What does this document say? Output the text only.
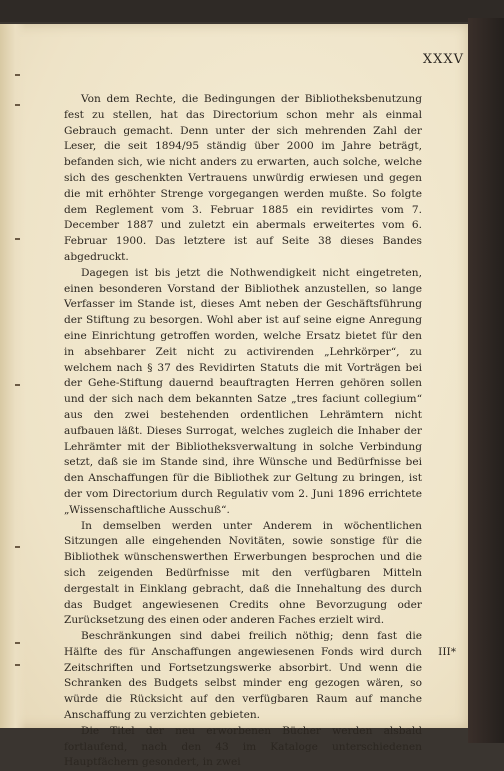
XXXV

Von dem Rechte, die Bedingungen der Bibliotheksbenutzung fest zu stellen, hat das Directorium schon mehr als einmal Gebrauch gemacht. Denn unter der sich mehrenden Zahl der Leser, die seit 1894/95 ständig über 2000 im Jahre beträgt, befanden sich, wie nicht anders zu erwarten, auch solche, welche sich des geschenkten Vertrauens unwürdig erwiesen und gegen die mit erhöhter Strenge vorgegangen werden mußte. So folgte dem Reglement vom 3. Februar 1885 ein revidirtes vom 7. December 1887 und zuletzt ein abermals erweitertes vom 6. Februar 1900. Das letztere ist auf Seite 38 dieses Bandes abgedruckt.

Dagegen ist bis jetzt die Nothwendigkeit nicht eingetreten, einen besonderen Vorstand der Bibliothek anzustellen, so lange Verfasser im Stande ist, dieses Amt neben der Geschäftsführung der Stiftung zu besorgen. Wohl aber ist auf seine eigne Anregung eine Einrichtung getroffen worden, welche Ersatz bietet für den in absehbarer Zeit nicht zu activirenden „Lehrkörper“, zu welchem nach § 37 des Revidirten Statuts die mit Vorträgen bei der Gehe-Stiftung dauernd beauftragten Herren gehören sollen und der sich nach dem bekannten Satze „tres faciunt collegium“ aus den zwei bestehenden ordentlichen Lehrämtern nicht aufbauen läßt. Dieses Surrogat, welches zugleich die Inhaber der Lehrämter mit der Bibliotheksverwaltung in solche Verbindung setzt, daß sie im Stande sind, ihre Wünsche und Bedürfnisse bei den Anschaffungen für die Bibliothek zur Geltung zu bringen, ist der vom Directorium durch Regulativ vom 2. Juni 1896 errichtete „Wissenschaftliche Ausschuß“.

In demselben werden unter Anderem in wöchentlichen Sitzungen alle eingehenden Novitäten, sowie sonstige für die Bibliothek wünschenswerthen Erwerbungen besprochen und die sich zeigenden Bedürfnisse mit den verfügbaren Mitteln dergestalt in Einklang gebracht, daß die Innehaltung des durch das Budget angewiesenen Credits ohne Bevorzugung oder Zurücksetzung des einen oder anderen Faches erzielt wird.

Beschränkungen sind dabei freilich nöthig; denn fast die Hälfte des für Anschaffungen angewiesenen Fonds wird durch Zeitschriften und Fortsetzungswerke absorbirt. Und wenn die Schranken des Budgets selbst minder eng gezogen wären, so würde die Rücksicht auf den verfügbaren Raum auf manche Anschaffung zu verzichten gebieten.

Die Titel der neu erworbenen Bücher werden alsbald fortlaufend, nach den 43 im Kataloge unterschiedenen Hauptfächern gesondert, in zwei

III*
